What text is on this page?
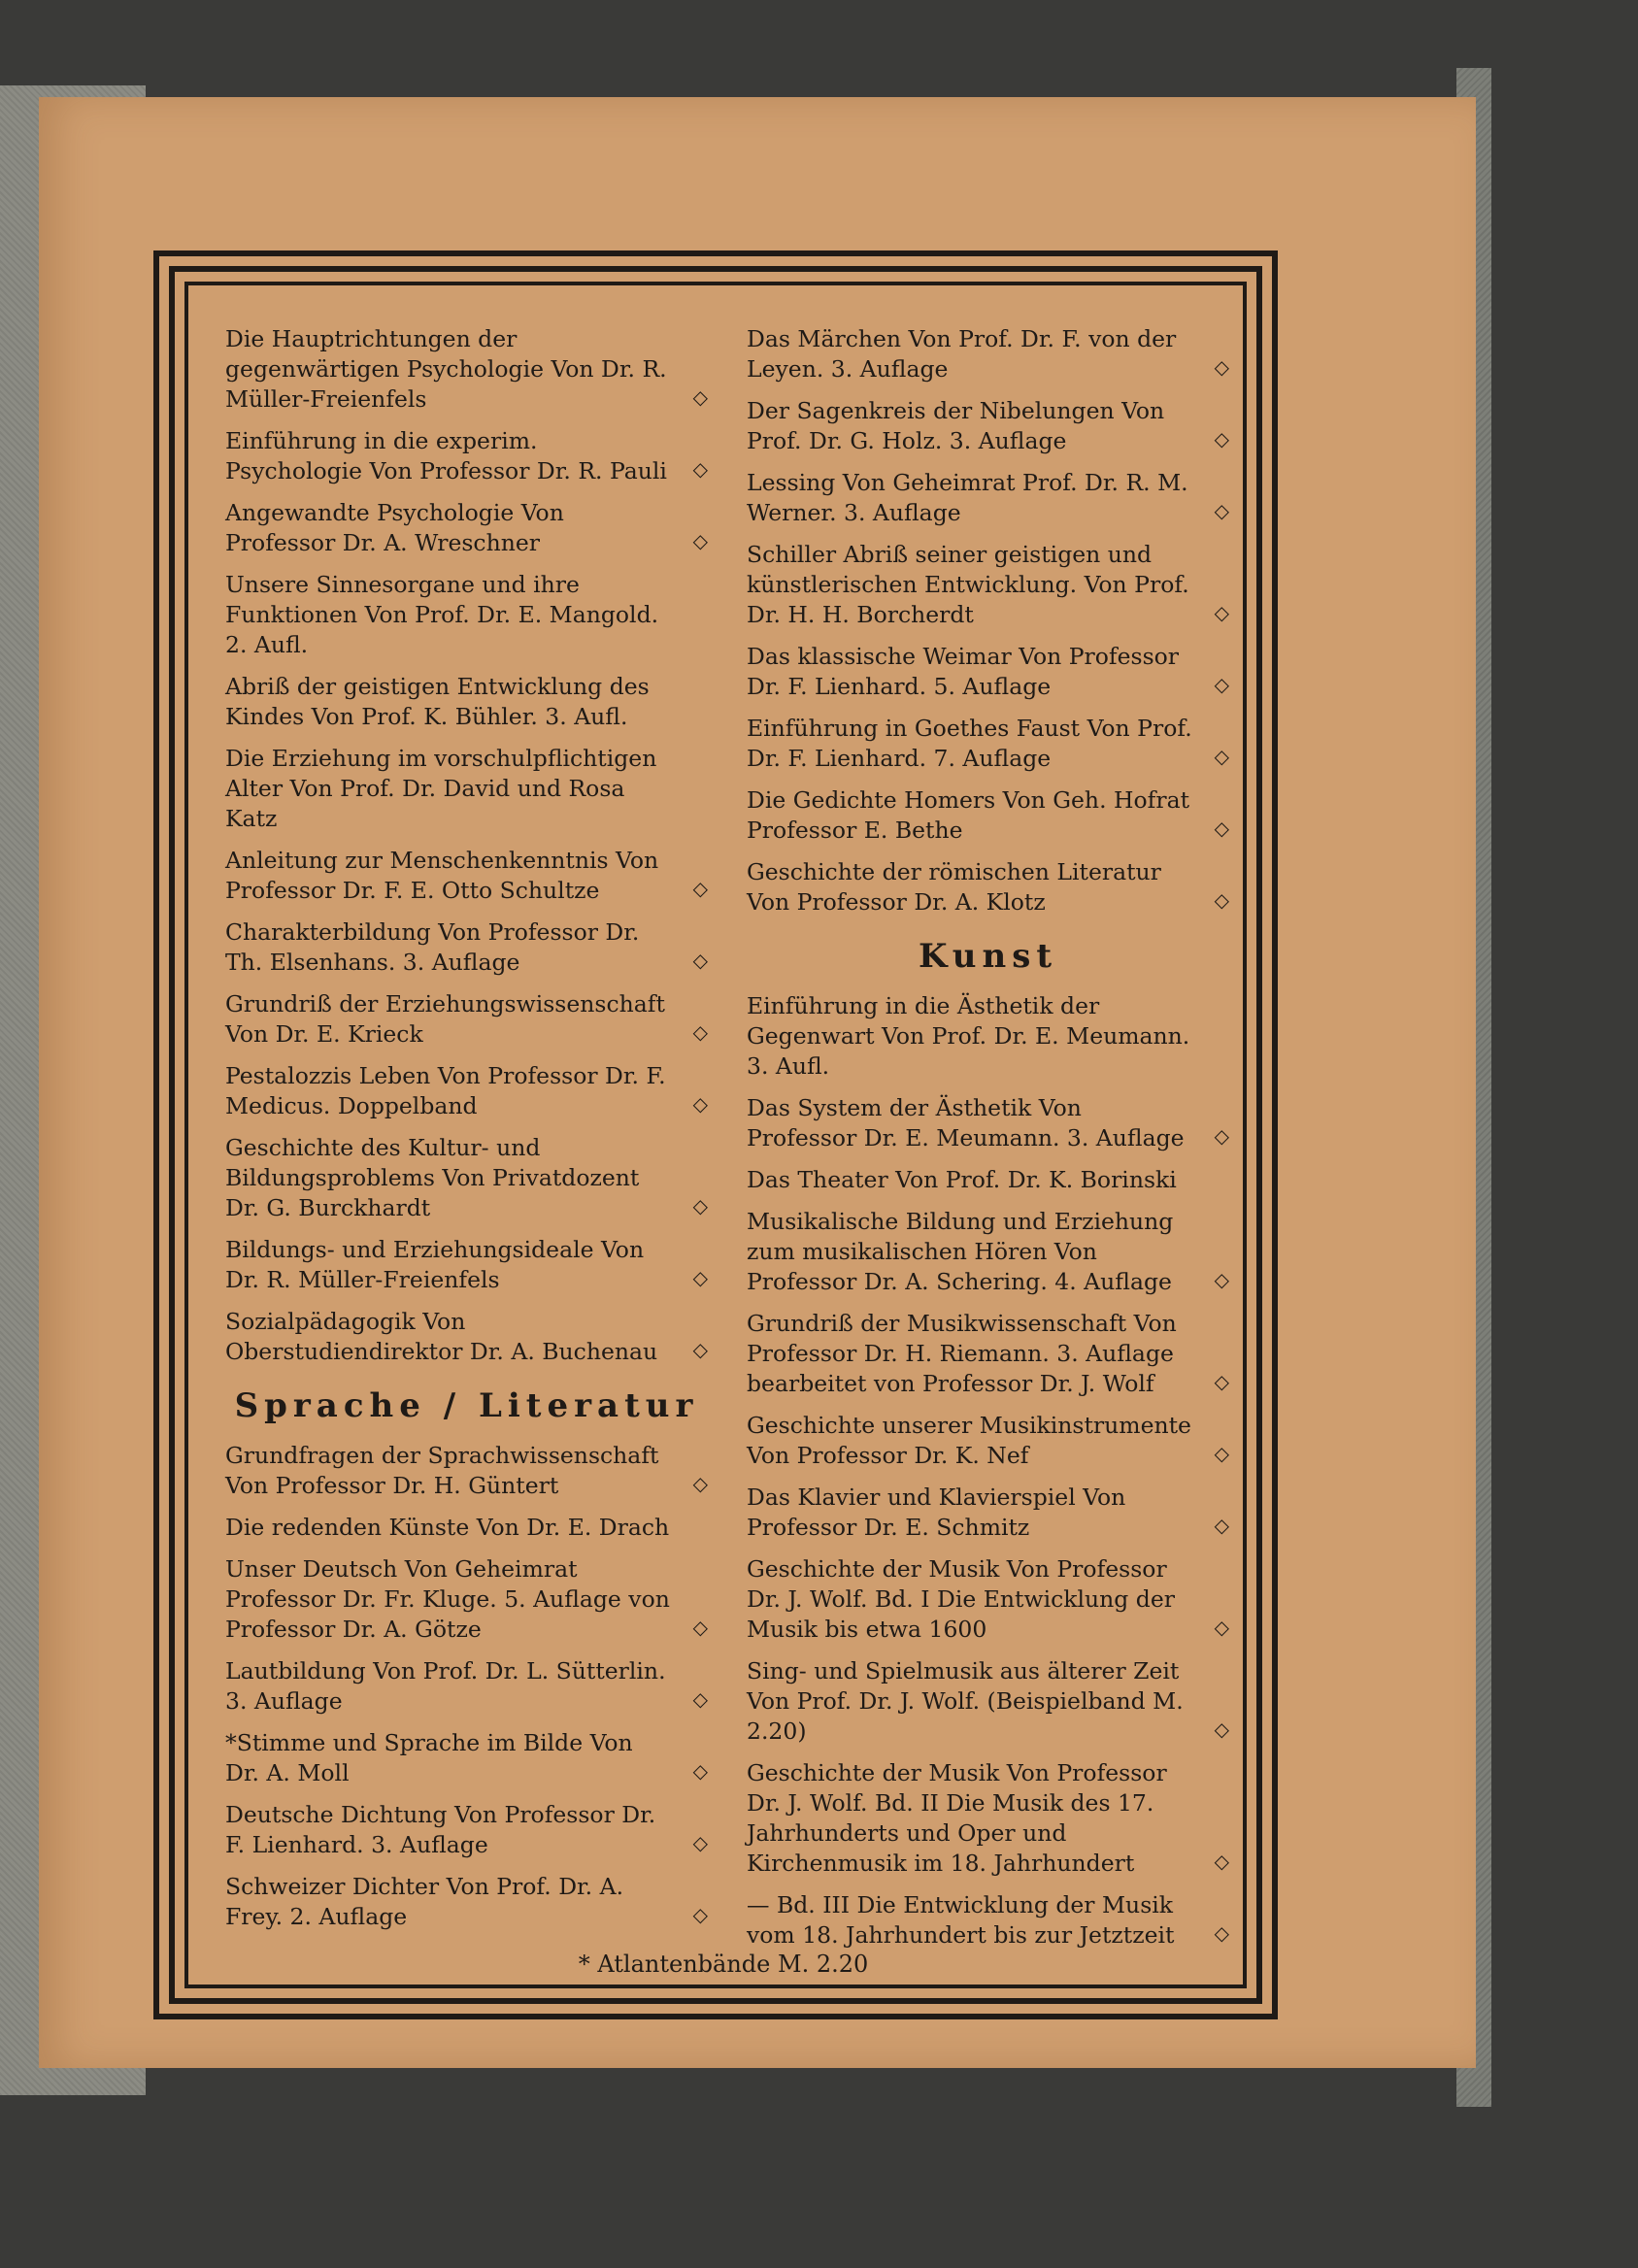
Die Hauptrichtungen der gegenwärtigen Psychologie Von Dr. R. Müller-Freienfels	◇
Einführung in die experim. Psychologie Von Professor Dr. R. Pauli ◇
Angewandte Psychologie Von Professor Dr. A. Wreschner	◇
Unsere Sinnesorgane und ihre Funktionen Von Prof. Dr. E. Mangold. 2. Aufl.
Abriß der geistigen Entwicklung des Kindes Von Prof. K. Bühler. 3. Aufl.
Die Erziehung im vorschulpflichtigen Alter Von Prof. Dr. David und Rosa Katz
Anleitung zur Menschenkenntnis Von Professor Dr. F. E. Otto Schultze	◇
Charakterbildung Von Professor Dr. Th. Elsenhans. 3. Auflage	◇
Grundriß der Erziehungswissenschaft Von Dr. E. Krieck	◇
Pestalozzis Leben Von Professor Dr. F. Medicus. Doppelband	◇
Geschichte des Kultur- und Bildungsproblems Von Privatdozent Dr. G. Burckhardt	◇
Bildungs- und Erziehungsideale Von Dr. R. Müller-Freienfels	◇
Sozialpädagogik Von Oberstudiendirektor Dr. A. Buchenau ◇
Sprache / Literatur
Grundfragen der Sprachwissenschaft Von Professor Dr. H. Güntert	◇
Die redenden Künste Von Dr. E. Drach
Unser Deutsch Von Geheimrat Professor Dr. Fr. Kluge. 5. Auflage von Professor Dr. A. Götze	◇
Lautbildung Von Prof. Dr. L. Sütterlin. 3. Auflage	◇
*Stimme und Sprache im Bilde Von Dr. A. Moll	◇
Deutsche Dichtung Von Professor Dr. F. Lienhard. 3. Auflage	◇
Schweizer Dichter Von Prof. Dr. A. Frey. 2. Auflage	◇
Das Märchen Von Prof. Dr. F. von der Leyen. 3. Auflage	◇
Der Sagenkreis der Nibelungen Von Prof. Dr. G. Holz. 3. Auflage	◇
Lessing Von Geheimrat Prof. Dr. R. M. Werner. 3. Auflage	◇
Schiller Abriß seiner geistigen und künstlerischen Entwicklung. Von Prof. Dr. H. H. Borcherdt	◇
Das klassische Weimar Von Professor Dr. F. Lienhard. 5. Auflage	◇
Einführung in Goethes Faust Von Prof. Dr. F. Lienhard. 7. Auflage	◇
Die Gedichte Homers Von Geh. Hofrat Professor E. Bethe	◇
Geschichte der römischen Literatur Von Professor Dr. A. Klotz	◇
Kunst
Einführung in die Ästhetik der Gegenwart Von Prof. Dr. E. Meumann. 3. Aufl.
Das System der Ästhetik Von Professor Dr. E. Meumann. 3. Auflage ◇
Das Theater Von Prof. Dr. K. Borinski
Musikalische Bildung und Erziehung zum musikalischen Hören Von Professor Dr. A. Schering. 4. Auflage ◇
Grundriß der Musikwissenschaft Von Professor Dr. H. Riemann. 3. Auflage bearbeitet von Professor Dr. J. Wolf	◇
Geschichte unserer Musikinstrumente Von Professor Dr. K. Nef	◇
Das Klavier und Klavierspiel Von Professor Dr. E. Schmitz	◇
Geschichte der Musik Von Professor Dr. J. Wolf. Bd. I Die Entwicklung der Musik bis etwa 1600	◇
Sing- und Spielmusik aus älterer Zeit Von Prof. Dr. J. Wolf. (Beispielband M. 2.20)	◇
Geschichte der Musik Von Professor Dr. J. Wolf. Bd. II Die Musik des 17. Jahrhunderts und Oper und Kirchenmusik im 18. Jahrhundert	◇
— Bd. III Die Entwicklung der Musik vom 18. Jahrhundert bis zur Jetztzeit ◇
* Atlantenbände M. 2.20
